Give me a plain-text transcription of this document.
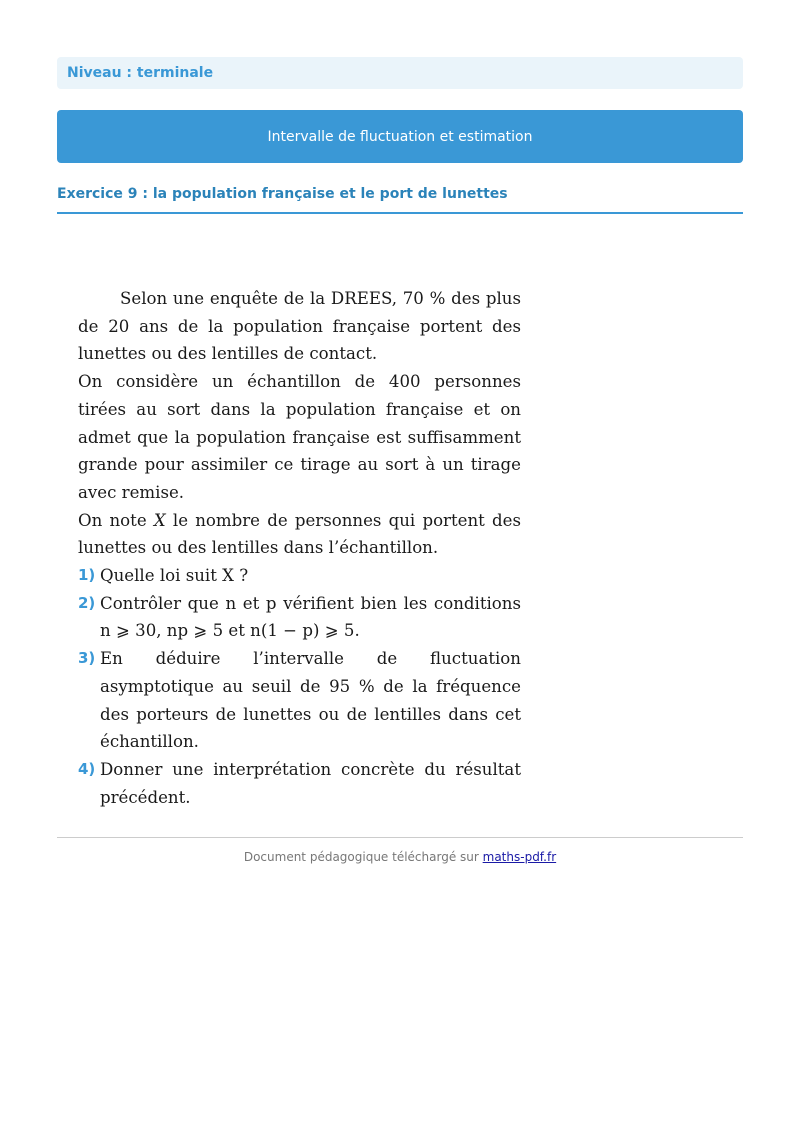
Niveau : terminale
Intervalle de fluctuation et estimation
Exercice 9 : la population française et le port de lunettes

Selon une enquête de la DREES, 70 % des plus de 20 ans de la population française portent des lunettes ou des lentilles de contact.

On considère un échantillon de 400 personnes tirées au sort dans la population française et on admet que la population française est suffisamment grande pour assimiler ce tirage au sort à un tirage avec remise.

On note X le nombre de personnes qui portent des lunettes ou des lentilles dans l’échantillon.

1) Quelle loi suit X ?
2) Contrôler que n et p vérifient bien les conditions n ⩾ 30, np ⩾ 5 et n(1 − p) ⩾ 5.
3) En déduire l’intervalle de fluctuation asymptotique au seuil de 95 % de la fréquence des porteurs de lunettes ou de lentilles dans cet échantillon.
4) Donner une interprétation concrète du résultat précédent.
Document pédagogique téléchargé sur maths-pdf.fr
